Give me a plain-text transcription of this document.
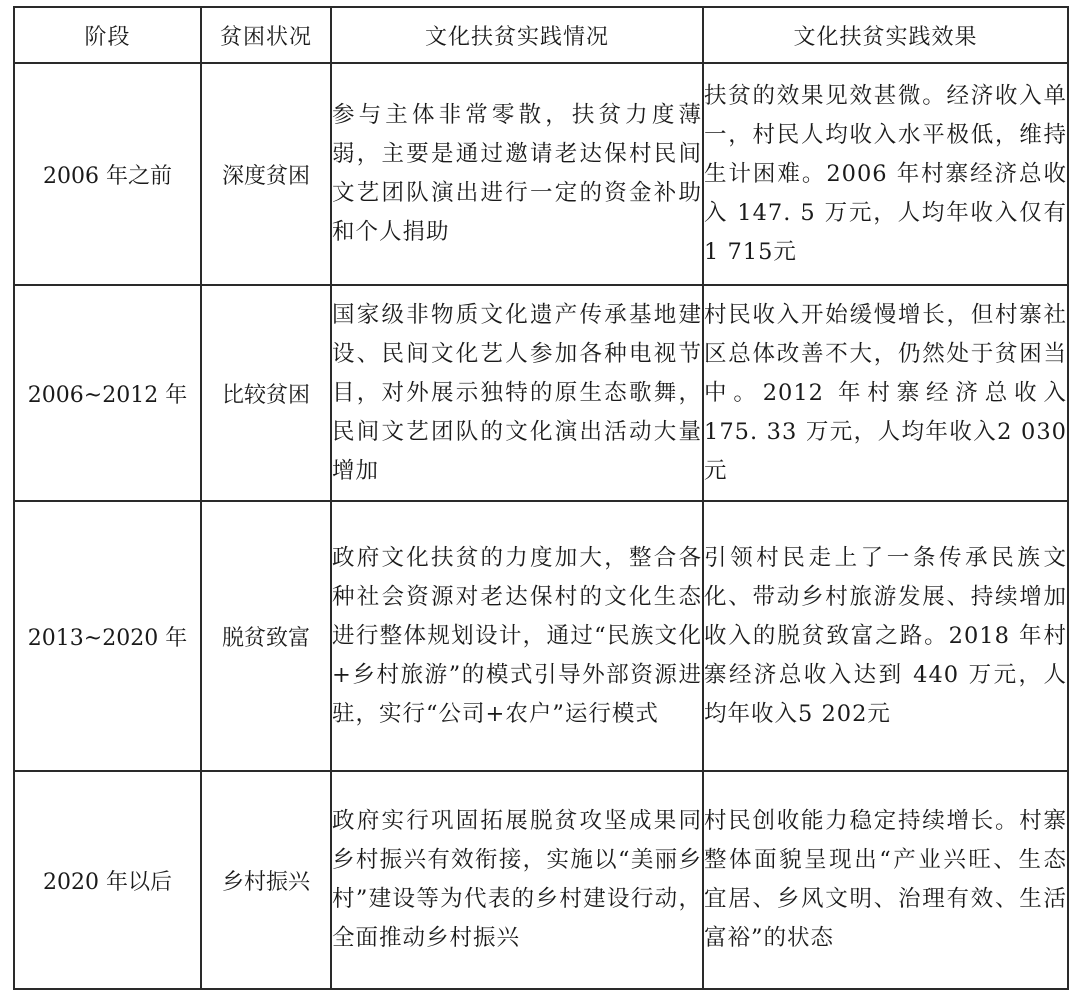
阶段	贫困状况	文化扶贫实践情况	文化扶贫实践效果
2006 年之前	深度贫困	参与主体非常零散，扶贫力度薄弱，主要是通过邀请老达保村民间文艺团队演出进行一定的资金补助和个人捐助	扶贫的效果见效甚微。经济收入单一，村民人均收入水平极低，维持生计困难。2006 年村寨经济总收入 147. 5 万元，人均年收入仅有1 715元
2006~2012 年	比较贫困	国家级非物质文化遗产传承基地建设、民间文化艺人参加各种电视节目，对外展示独特的原生态歌舞，民间文艺团队的文化演出活动大量增加	村民收入开始缓慢增长，但村寨社区总体改善不大，仍然处于贫困当中。2012 年村寨经济总收入 175. 33 万元，人均年收入2 030元
2013~2020 年	脱贫致富	政府文化扶贫的力度加大，整合各种社会资源对老达保村的文化生态进行整体规划设计，通过“民族文化+乡村旅游”的模式引导外部资源进驻，实行“公司+农户”运行模式	引领村民走上了一条传承民族文化、带动乡村旅游发展、持续增加收入的脱贫致富之路。2018 年村寨经济总收入达到 440 万元，人均年收入5 202元
2020 年以后	乡村振兴	政府实行巩固拓展脱贫攻坚成果同乡村振兴有效衔接，实施以“美丽乡村”建设等为代表的乡村建设行动，全面推动乡村振兴	村民创收能力稳定持续增长。村寨整体面貌呈现出“产业兴旺、生态宜居、乡风文明、治理有效、生活富裕”的状态
